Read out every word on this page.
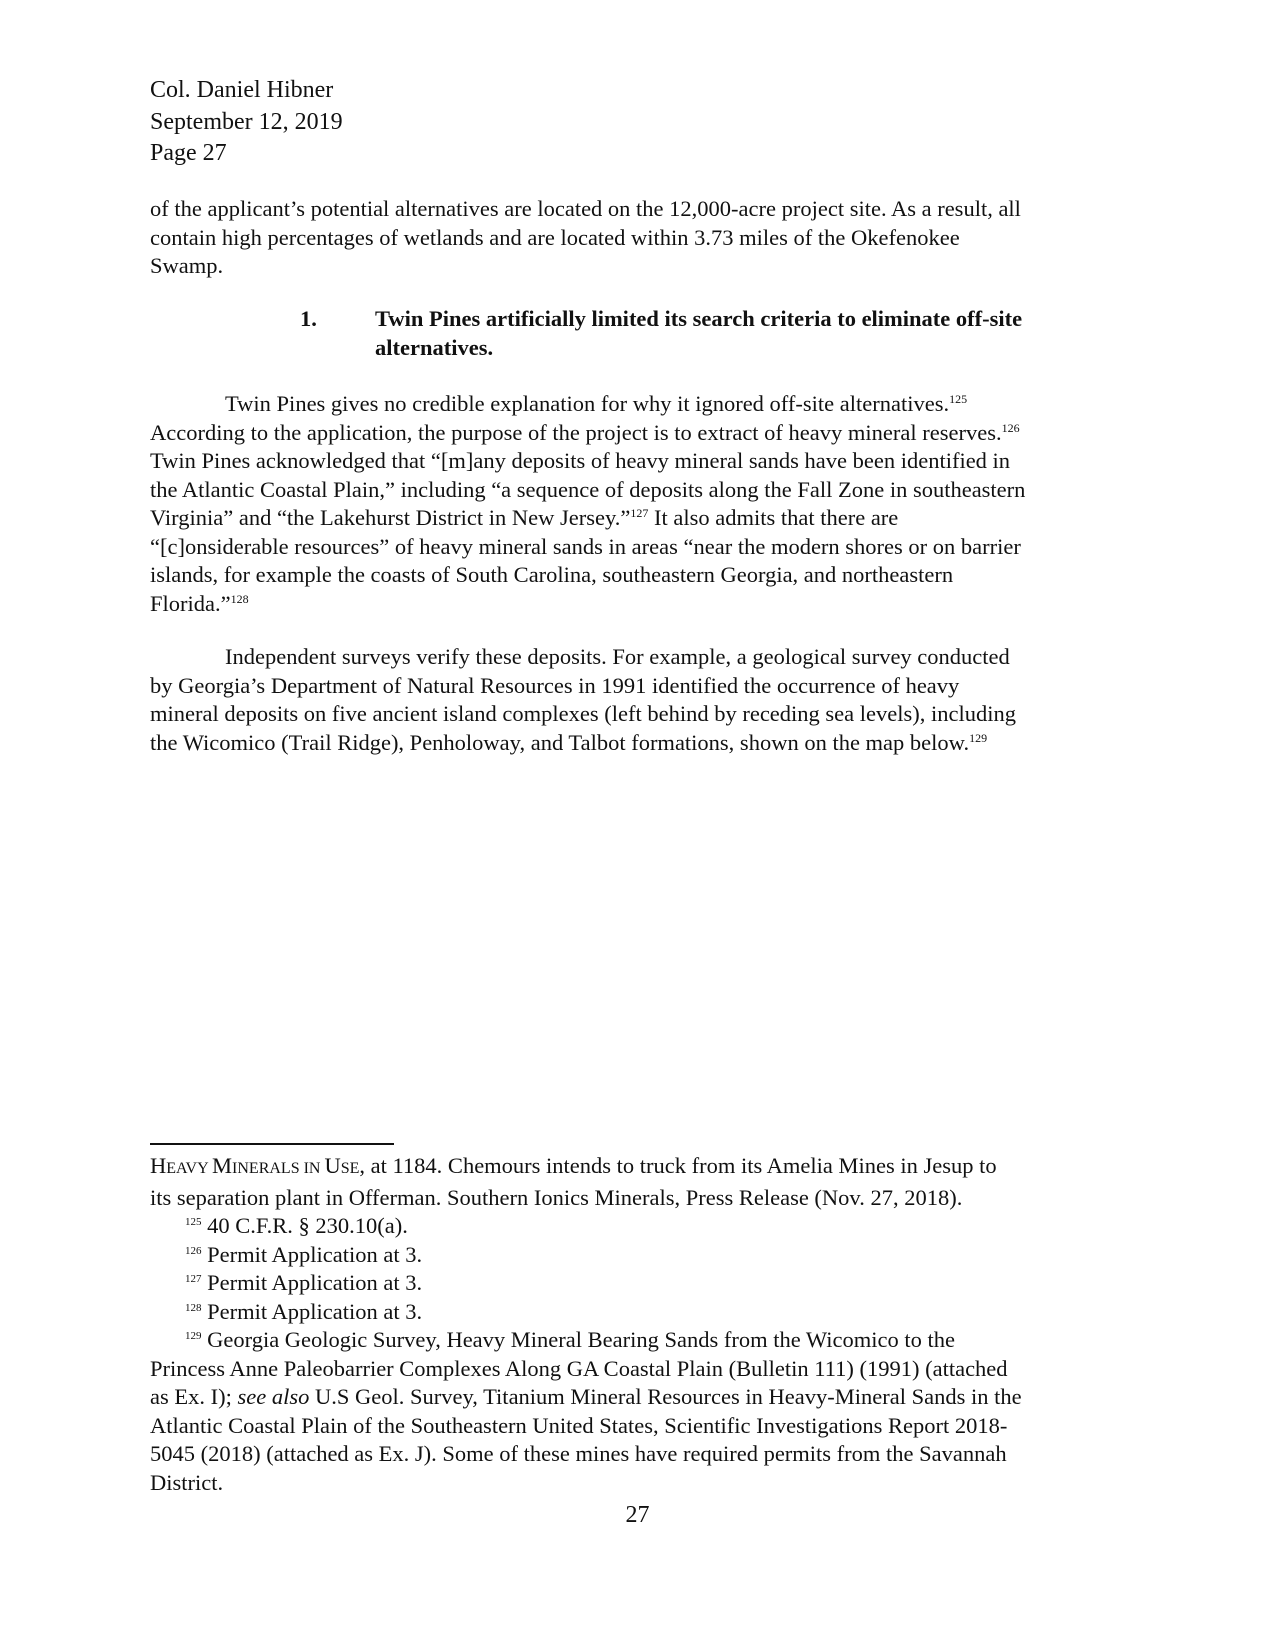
Col. Daniel Hibner
September 12, 2019
Page 27
of the applicant’s potential alternatives are located on the 12,000-acre project site. As a result, all
contain high percentages of wetlands and are located within 3.73 miles of the Okefenokee
Swamp.
1.	Twin Pines artificially limited its search criteria to eliminate off-site
alternatives.
Twin Pines gives no credible explanation for why it ignored off-site alternatives.$^{125}$
According to the application, the purpose of the project is to extract of heavy mineral reserves.$^{126}$
Twin Pines acknowledged that “[m]any deposits of heavy mineral sands have been identified in
the Atlantic Coastal Plain,” including “a sequence of deposits along the Fall Zone in southeastern
Virginia” and “the Lakehurst District in New Jersey.”$^{127}$ It also admits that there are
“[c]onsiderable resources” of heavy mineral sands in areas “near the modern shores or on barrier
islands, for example the coasts of South Carolina, southeastern Georgia, and northeastern
Florida.”$^{128}$
Independent surveys verify these deposits. For example, a geological survey conducted
by Georgia’s Department of Natural Resources in 1991 identified the occurrence of heavy
mineral deposits on five ancient island complexes (left behind by receding sea levels), including
the Wicomico (Trail Ridge), Penholoway, and Talbot formations, shown on the map below.$^{129}$
HEAVY MINERALS IN USE, at 1184. Chemours intends to truck from its Amelia Mines in Jesup to
its separation plant in Offerman. Southern Ionics Minerals, Press Release (Nov. 27, 2018).
$^{125}$ 40 C.F.R. § 230.10(a).
$^{126}$ Permit Application at 3.
$^{127}$ Permit Application at 3.
$^{128}$ Permit Application at 3.
$^{129}$ Georgia Geologic Survey, Heavy Mineral Bearing Sands from the Wicomico to the
Princess Anne Paleobarrier Complexes Along GA Coastal Plain (Bulletin 111) (1991) (attached
as Ex. I); see also U.S Geol. Survey, Titanium Mineral Resources in Heavy-Mineral Sands in the
Atlantic Coastal Plain of the Southeastern United States, Scientific Investigations Report 2018-
5045 (2018) (attached as Ex. J). Some of these mines have required permits from the Savannah
District.
27
